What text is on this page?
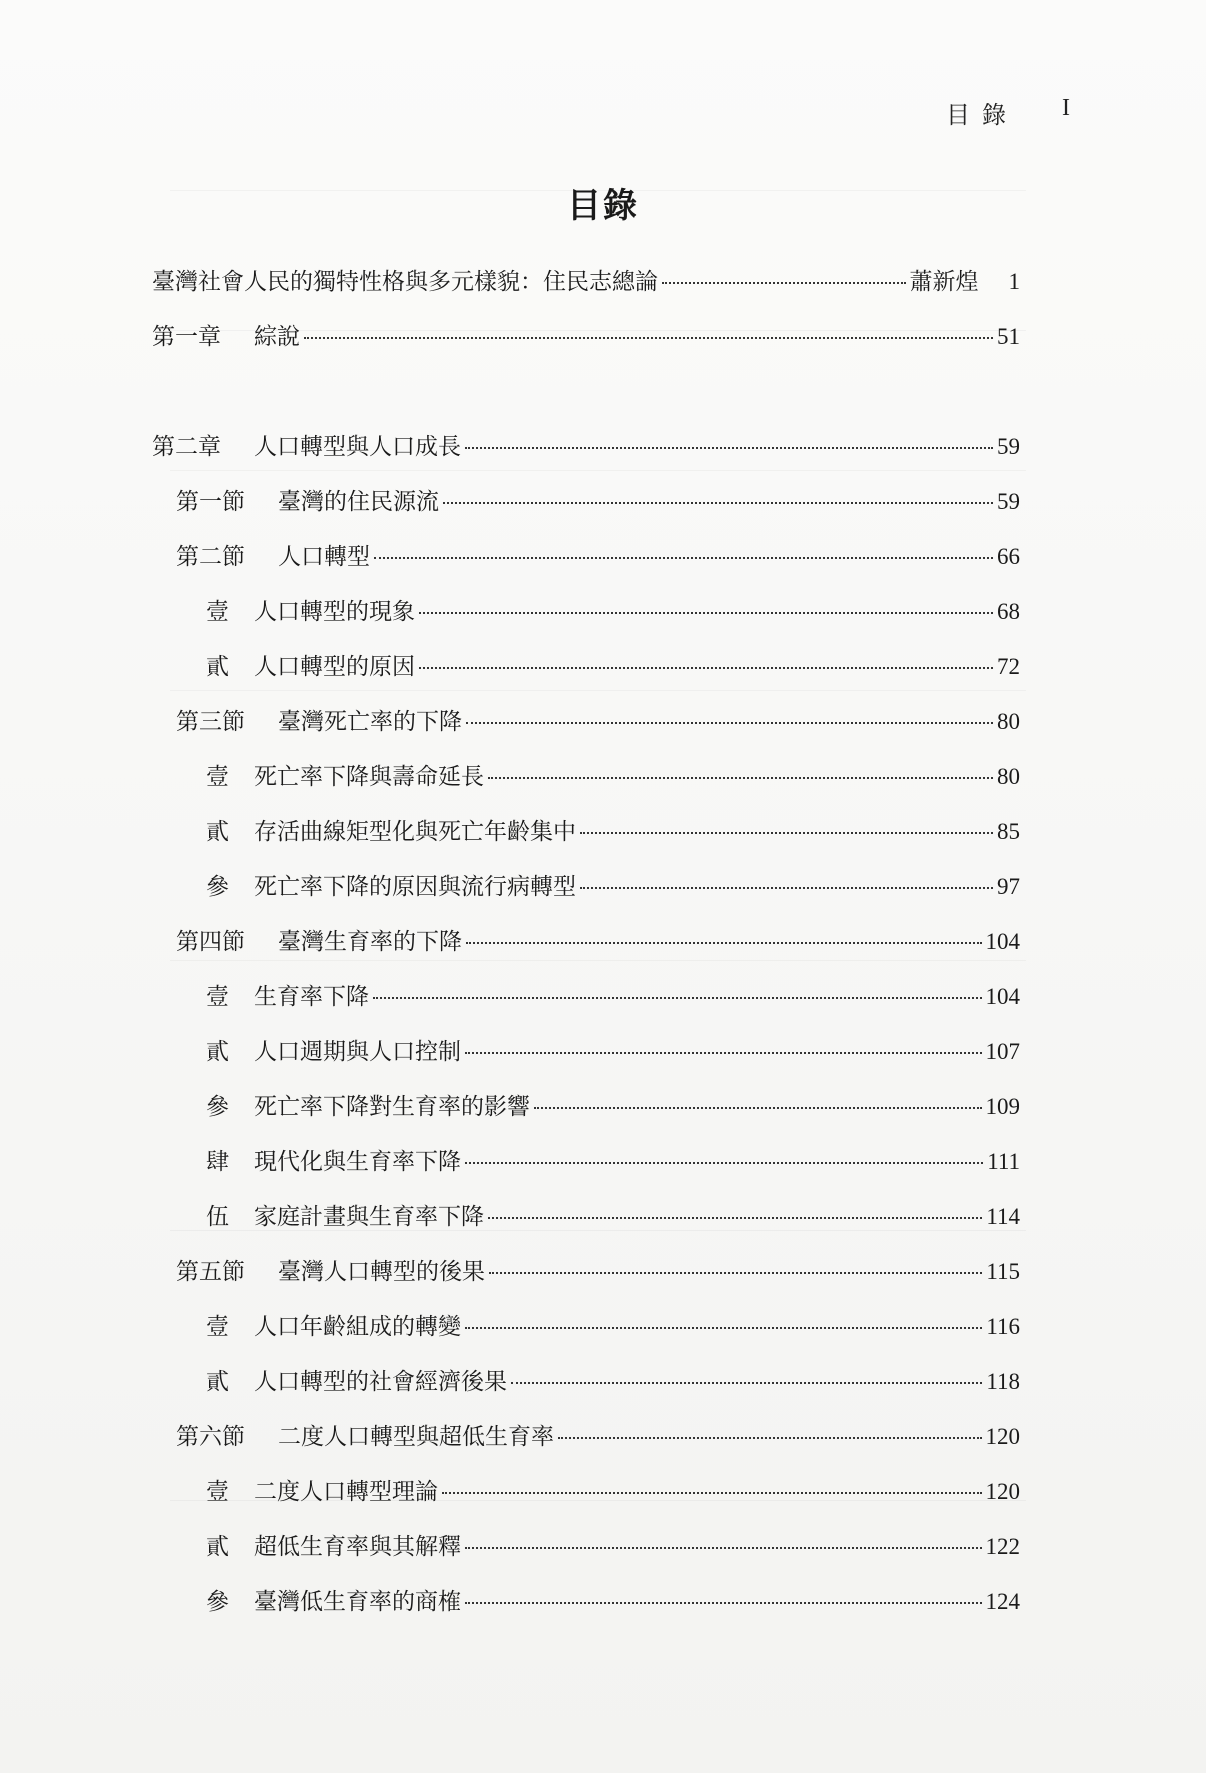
目錄 I
目錄
臺灣社會人民的獨特性格與多元樣貌：住民志總論	蕭新煌 1
第一章	綜說	51
第二章	人口轉型與人口成長	59
第一節	臺灣的住民源流	59
第二節	人口轉型	66
壹	人口轉型的現象	68
貳	人口轉型的原因	72
第三節	臺灣死亡率的下降	80
壹	死亡率下降與壽命延長	80
貳	存活曲線矩型化與死亡年齡集中	85
參	死亡率下降的原因與流行病轉型	97
第四節	臺灣生育率的下降	104
壹	生育率下降	104
貳	人口週期與人口控制	107
參	死亡率下降對生育率的影響	109
肆	現代化與生育率下降	111
伍	家庭計畫與生育率下降	114
第五節	臺灣人口轉型的後果	115
壹	人口年齡組成的轉變	116
貳	人口轉型的社會經濟後果	118
第六節	二度人口轉型與超低生育率	120
壹	二度人口轉型理論	120
貳	超低生育率與其解釋	122
參	臺灣低生育率的商榷	124
